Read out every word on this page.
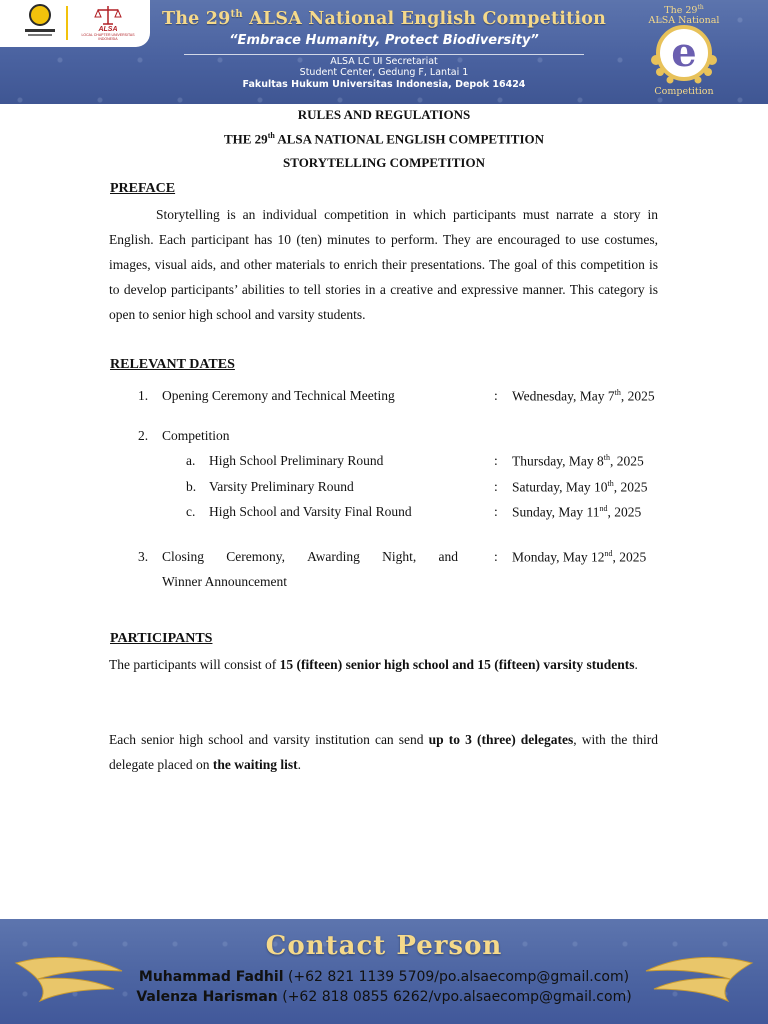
ALSA
LOCAL CHAPTER UNIVERSITAS INDONESIA
The 29th ALSA National English Competition
“Embrace Humanity, Protect Biodiversity”
ALSA LC UI Secretariat
Student Center, Gedung F, Lantai 1
Fakultas Hukum Universitas Indonesia, Depok 16424
The 29th
ALSA National
e
Competition
RULES AND REGULATIONS
THE 29th ALSA NATIONAL ENGLISH COMPETITION
STORYTELLING COMPETITION
PREFACE
Storytelling is an individual competition in which participants must narrate a story in English. Each participant has 10 (ten) minutes to perform. They are encouraged to use costumes, images, visual aids, and other materials to enrich their presentations. The goal of this competition is to develop participants’ abilities to tell stories in a creative and expressive manner. This category is open to senior high school and varsity students.
RELEVANT DATES
1. Opening Ceremony and Technical Meeting	: Wednesday, May 7th, 2025
2. Competition
a. High School Preliminary Round	: Thursday, May 8th, 2025
b. Varsity Preliminary Round	: Saturday, May 10th, 2025
c. High School and Varsity Final Round	: Sunday, May 11nd, 2025
3. Closing Ceremony, Awarding Night, and	: Monday, May 12nd, 2025
Winner Announcement
PARTICIPANTS
The participants will consist of 15 (fifteen) senior high school and 15 (fifteen) varsity students.
Each senior high school and varsity institution can send up to 3 (three) delegates, with the third delegate placed on the waiting list.
Contact Person
Muhammad Fadhil (+62 821 1139 5709/po.alsaecomp@gmail.com)
Valenza Harisman (+62 818 0855 6262/vpo.alsaecomp@gmail.com)
